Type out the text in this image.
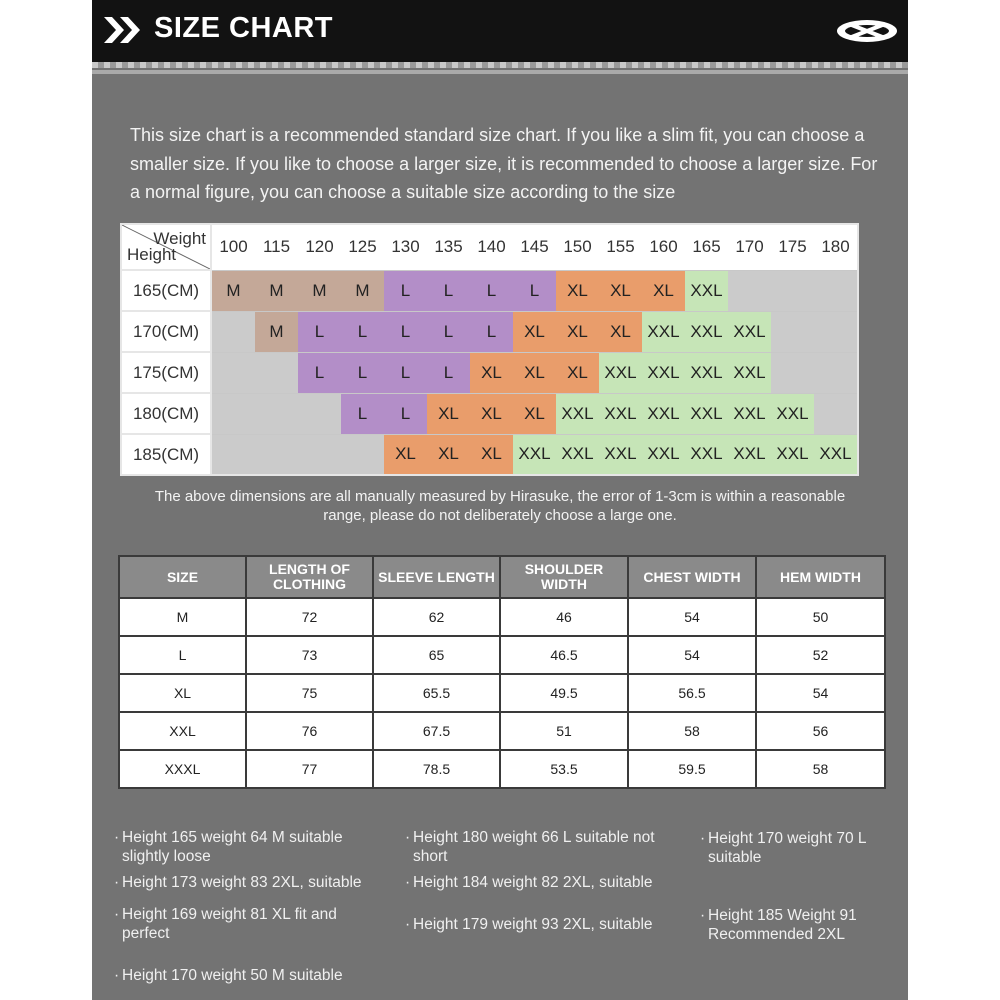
SIZE CHART
This size chart is a recommended standard size chart. If you like a slim fit, you can choose a smaller size. If you like to choose a larger size, it is recommended to choose a larger size. For a normal figure, you can choose a suitable size according to the size
Weight
Height	100	115	120	125	130	135	140	145	150	155	160	165	170	175	180
165(CM)	M	M	M	M	L	L	L	L	XL	XL	XL	XXL			
170(CM)		M	L	L	L	L	L	XL	XL	XL	XXL	XXL	XXL		
175(CM)			L	L	L	L	XL	XL	XL	XXL	XXL	XXL	XXL		
180(CM)				L	L	XL	XL	XL	XXL	XXL	XXL	XXL	XXL	XXL	
185(CM)					XL	XL	XL	XXL	XXL	XXL	XXL	XXL	XXL	XXL	XXL
The above dimensions are all manually measured by Hirasuke, the error of 1-3cm is within a reasonable range, please do not deliberately choose a large one.
SIZE	LENGTH OF CLOTHING	SLEEVE LENGTH	SHOULDER WIDTH	CHEST WIDTH	HEM WIDTH
M	72	62	46	54	50
L	73	65	46.5	54	52
XL	75	65.5	49.5	56.5	54
XXL	76	67.5	51	58	56
XXXL	77	78.5	53.5	59.5	58
· Height 165 weight 64 M suitable slightly loose
· Height 173 weight 83 2XL, suitable
· Height 169 weight 81 XL fit and perfect
· Height 170 weight 50 M suitable
· Height 180 weight 66 L suitable not short
· Height 184 weight 82 2XL, suitable
· Height 179 weight 93 2XL, suitable
· Height 170 weight 70 L suitable
· Height 185 Weight 91 Recommended 2XL
